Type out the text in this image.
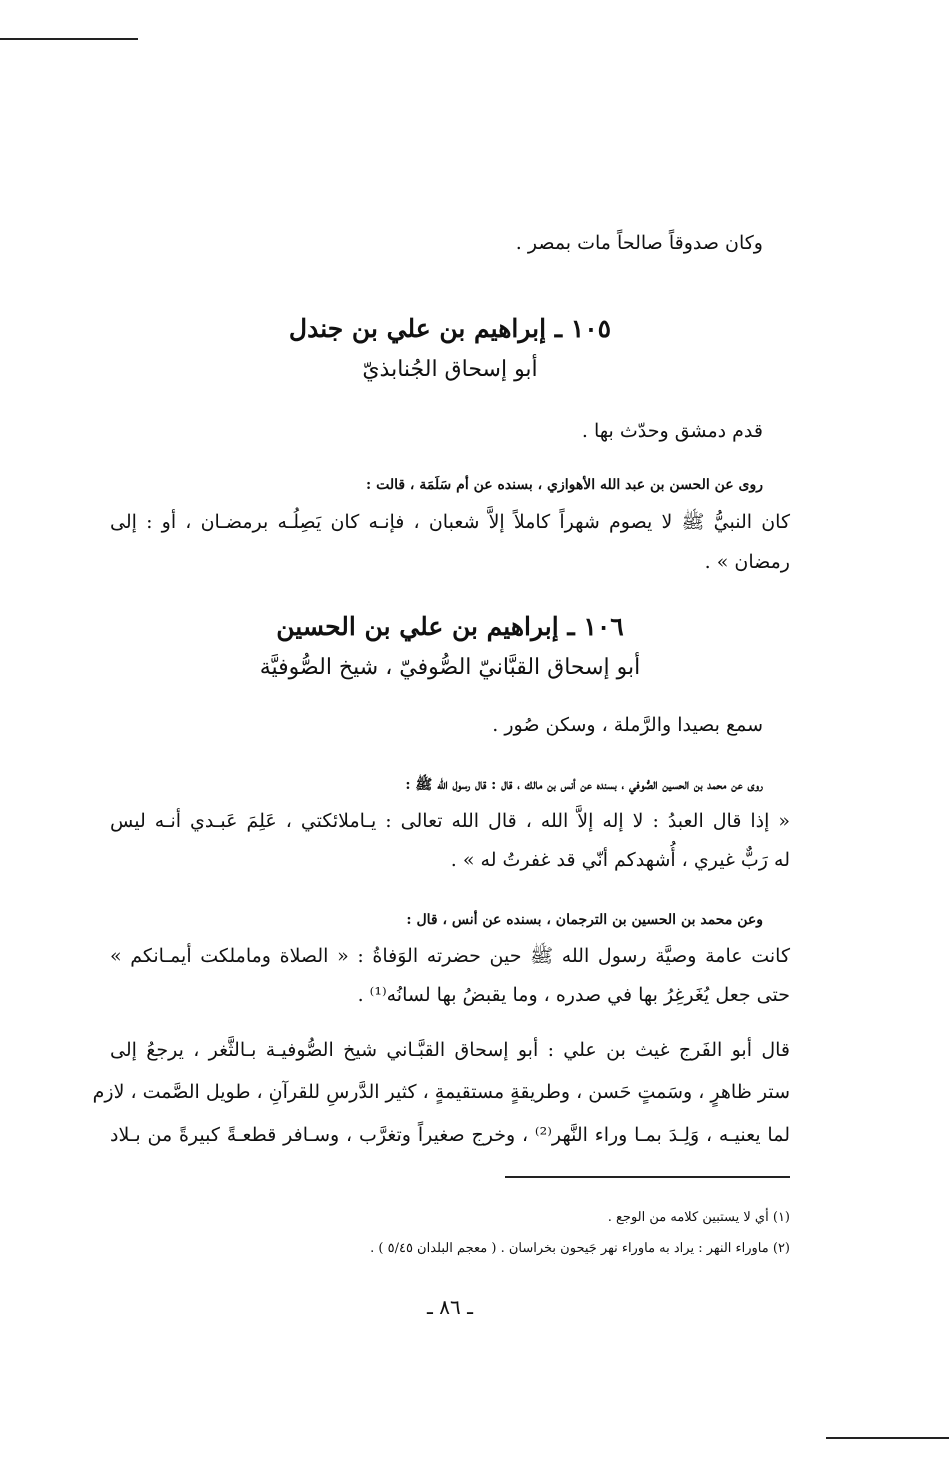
وكان صدوقاً صالحاً مات بمصر .
١٠٥ ـ إبراهيم بن علي بن جندل
أبو إسحاق الجُنابذيّ
قدم دمشق وحدّث بها .
روى عن الحسن بن عبد الله الأهوازي ، بسنده عن أم سَلَمَة ، قالت :
كان النبيُّ ﷺ لا يصوم شهراً كاملاً إلاَّ شعبان ، فإنـه كان يَصِلُـه برمضـان ، أو : إلى
رمضان » .
١٠٦ ـ إبراهيم بن علي بن الحسين
أبو إسحاق القبَّانيّ الصُّوفيّ ، شيخ الصُّوفيَّة
سمع بصيدا والرَّملة ، وسكن صُور .
روى عن محمد بن الحسين الصُّوفي ، بسنده عن أنس بن مالك ، قال : قال رسول الله ﷺ :
« إذا قال العبدُ : لا إله إلاَّ الله ، قال الله تعالى : يـاملائكتي ، عَلِمَ عَبـدي أنـه ليس
له رَبٌّ غيري ، أُشهدكم أنّي قد غفرتُ له » .
وعن محمد بن الحسين بن الترجمان ، بسنده عن أنس ، قال :
كانت عامة وصيَّة رسول الله ﷺ حين حضرته الوَفاةُ : « الصلاة وماملكت أيمـانكم »
حتى جعل يُغَرغِرُ بها في صدره ، وما يقبضُ بها لسانُه⁽¹⁾ .
قال أبو الفَرج غيث بن علي : أبو إسحاق القبَّـاني شيخ الصُّوفيـة بـالثَّغر ، يرجعُ إلى
ستر ظاهرٍ ، وسَمتٍ حَسن ، وطريقةٍ مستقيمةٍ ، كثير الدَّرسِ للقرآنِ ، طويل الصَّمت ، لازم
لما يعنيـه ، وَلِـدَ بمـا وراء النَّهر⁽²⁾ ، وخرج صغيراً وتغرَّب ، وسـافر قطعـةً كبيرةً من بـلاد
(١) أي لا يستبين كلامه من الوجع .
(٢) ماوراء النهر : يراد به ماوراء نهر جَيحون بخراسان . ( معجم البلدان ٥/٤٥ ) .
ـ ٨٦ ـ
